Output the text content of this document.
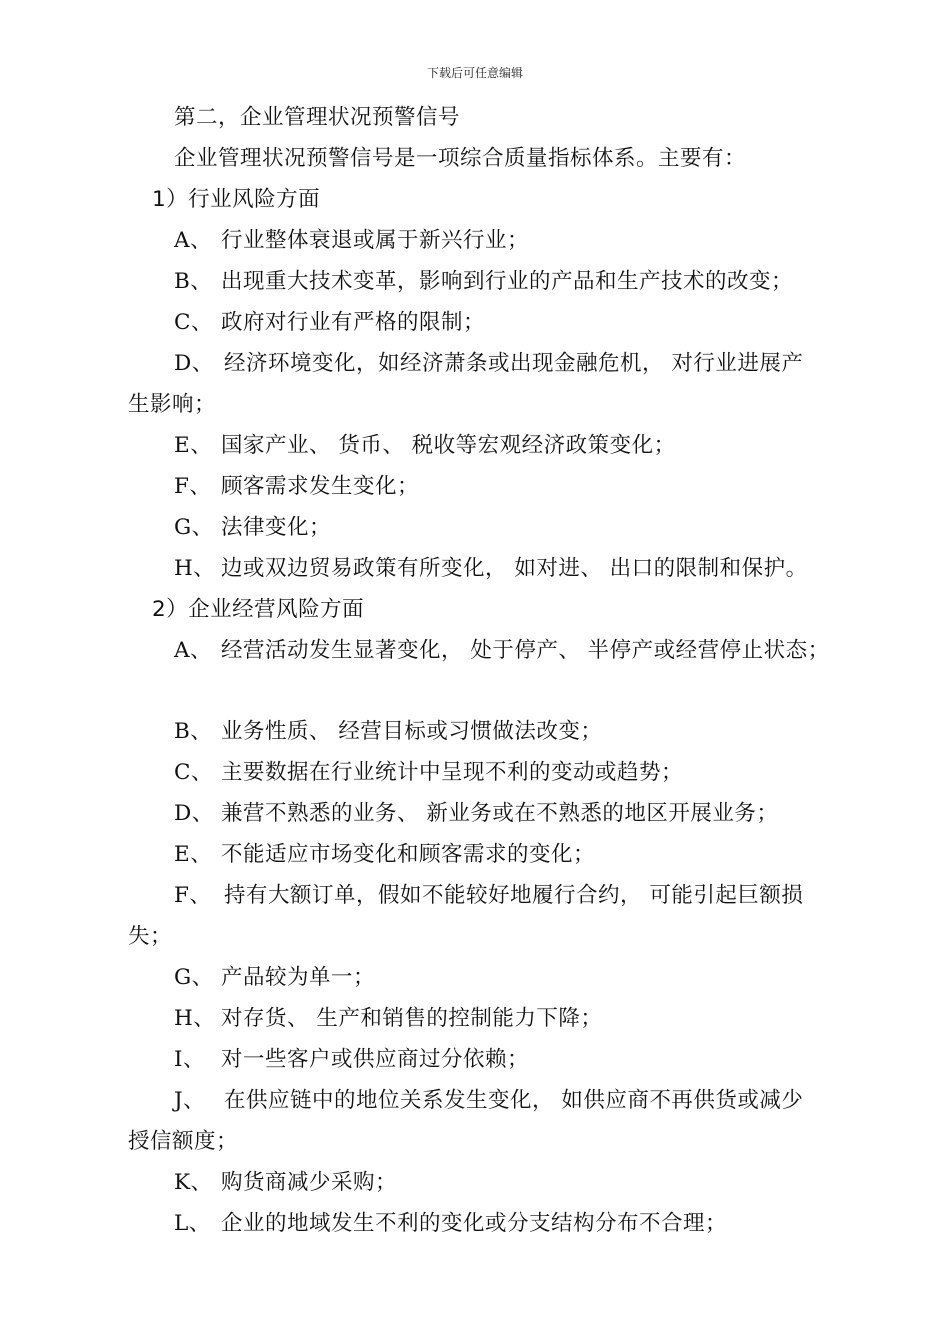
下载后可任意编辑
第二，企业管理状况预警信号
企业管理状况预警信号是一项综合质量指标体系。主要有：
1）行业风险方面
A、 行业整体衰退或属于新兴行业；
B、 出现重大技术变革，影响到行业的产品和生产技术的改变；
C、 政府对行业有严格的限制；
D、 经济环境变化，如经济萧条或出现金融危机， 对行业进展产
生影响；
E、 国家产业、 货币、 税收等宏观经济政策变化；
F、 顾客需求发生变化；
G、 法律变化；
H、 边或双边贸易政策有所变化， 如对进、 出口的限制和保护。
2）企业经营风险方面
A、 经营活动发生显著变化， 处于停产、 半停产或经营停止状态；
B、 业务性质、 经营目标或习惯做法改变；
C、 主要数据在行业统计中呈现不利的变动或趋势；
D、 兼营不熟悉的业务、 新业务或在不熟悉的地区开展业务；
E、 不能适应市场变化和顾客需求的变化；
F、 持有大额订单，假如不能较好地履行合约， 可能引起巨额损
失；
G、 产品较为单一；
H、 对存货、 生产和销售的控制能力下降；
I、 对一些客户或供应商过分依赖；
J、 在供应链中的地位关系发生变化， 如供应商不再供货或减少
授信额度；
K、 购货商减少采购；
L、 企业的地域发生不利的变化或分支结构分布不合理；
